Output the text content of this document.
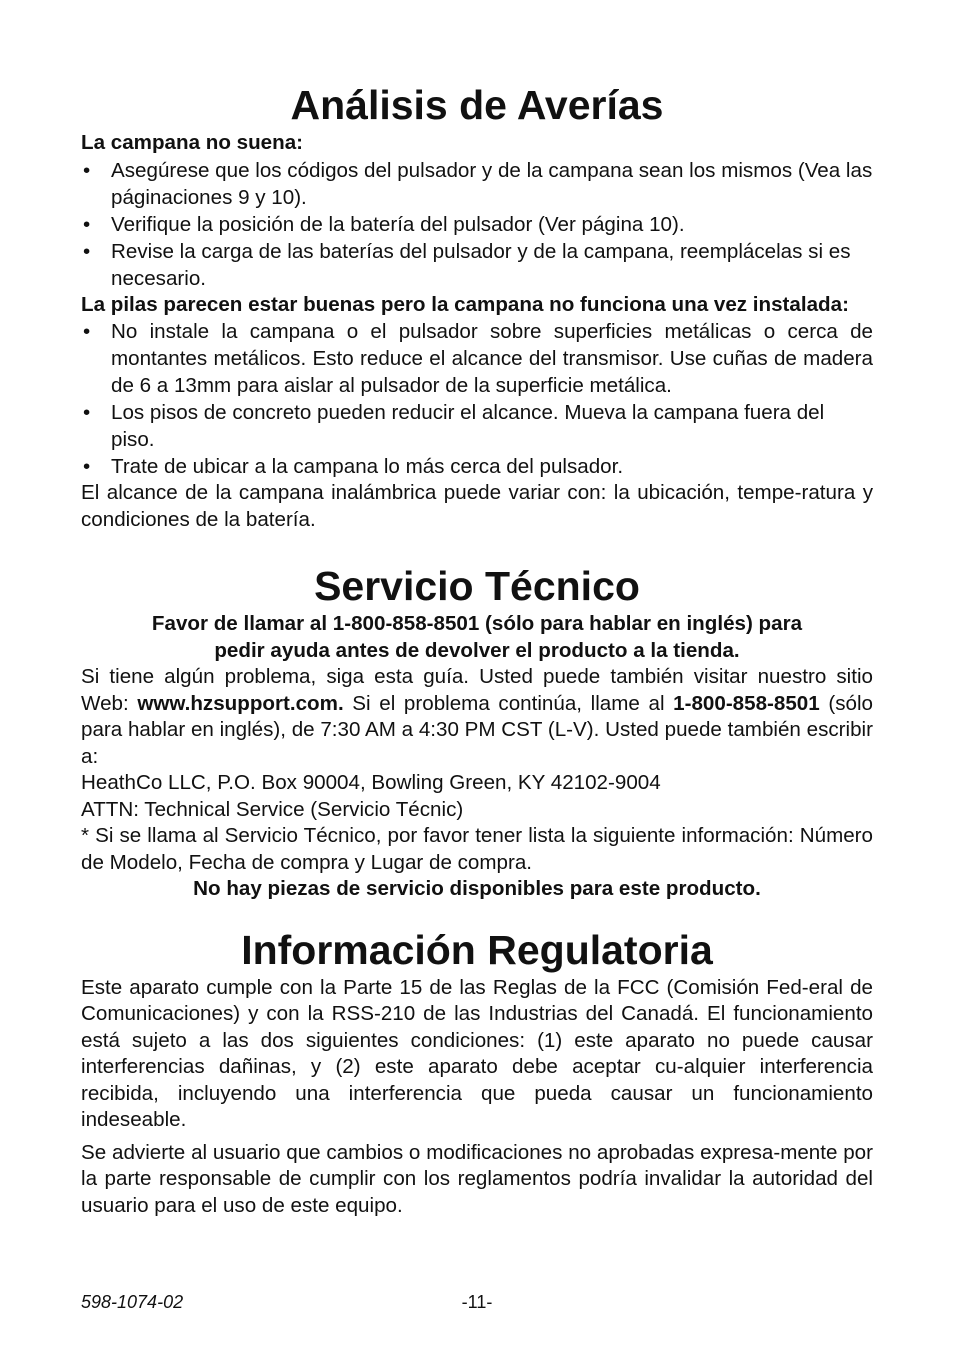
Análisis de Averías

La campana no suena:

• Asegúrese que los códigos del pulsador y de la campana sean los mismos (Vea las páginaciones 9 y 10).
• Verifique la posición de la batería del pulsador (Ver página 10).
• Revise la carga de las baterías del pulsador y de la campana, reemplácelas si es necesario.

La pilas parecen estar buenas pero la campana no funciona una vez instalada:

• No instale la campana o el pulsador sobre superficies metálicas o cerca de montantes metálicos. Esto reduce el alcance del transmisor. Use cuñas de madera de 6 a 13mm para aislar al pulsador de la superficie metálica.
• Los pisos de concreto pueden reducir el alcance. Mueva la campana fuera del piso.
• Trate de ubicar a la campana lo más cerca del pulsador.

El alcance de la campana inalámbrica puede variar con: la ubicación, tempe-ratura y condiciones de la batería.

Servicio Técnico

Favor de llamar al 1-800-858-8501 (sólo para hablar en inglés) para

pedir ayuda antes de devolver el producto a la tienda.

Si tiene algún problema, siga esta guía. Usted puede también visitar nuestro sitio Web: www.hzsupport.com. Si el problema continúa, llame al 1-800-858-8501 (sólo para hablar en inglés), de 7:30 AM a 4:30 PM CST (L-V). Usted puede también escribir a:

HeathCo LLC, P.O. Box 90004, Bowling Green, KY 42102-9004

ATTN: Technical Service (Servicio Técnic)

* Si se llama al Servicio Técnico, por favor tener lista la siguiente información: Número de Modelo, Fecha de compra y Lugar de compra.

No hay piezas de servicio disponibles para este producto.

Información Regulatoria

Este aparato cumple con la Parte 15 de las Reglas de la FCC (Comisión Fed-eral de Comunicaciones) y con la RSS-210 de las Industrias del Canadá. El funcionamiento está sujeto a las dos siguientes condiciones: (1) este aparato no puede causar interferencias dañinas, y (2) este aparato debe aceptar cu-alquier interferencia recibida, incluyendo una interferencia que pueda causar un funcionamiento indeseable.

Se advierte al usuario que cambios o modificaciones no aprobadas expresa-mente por la parte responsable de cumplir con los reglamentos podría invalidar la autoridad del usuario para el uso de este equipo.

598-1074-02	-11-
